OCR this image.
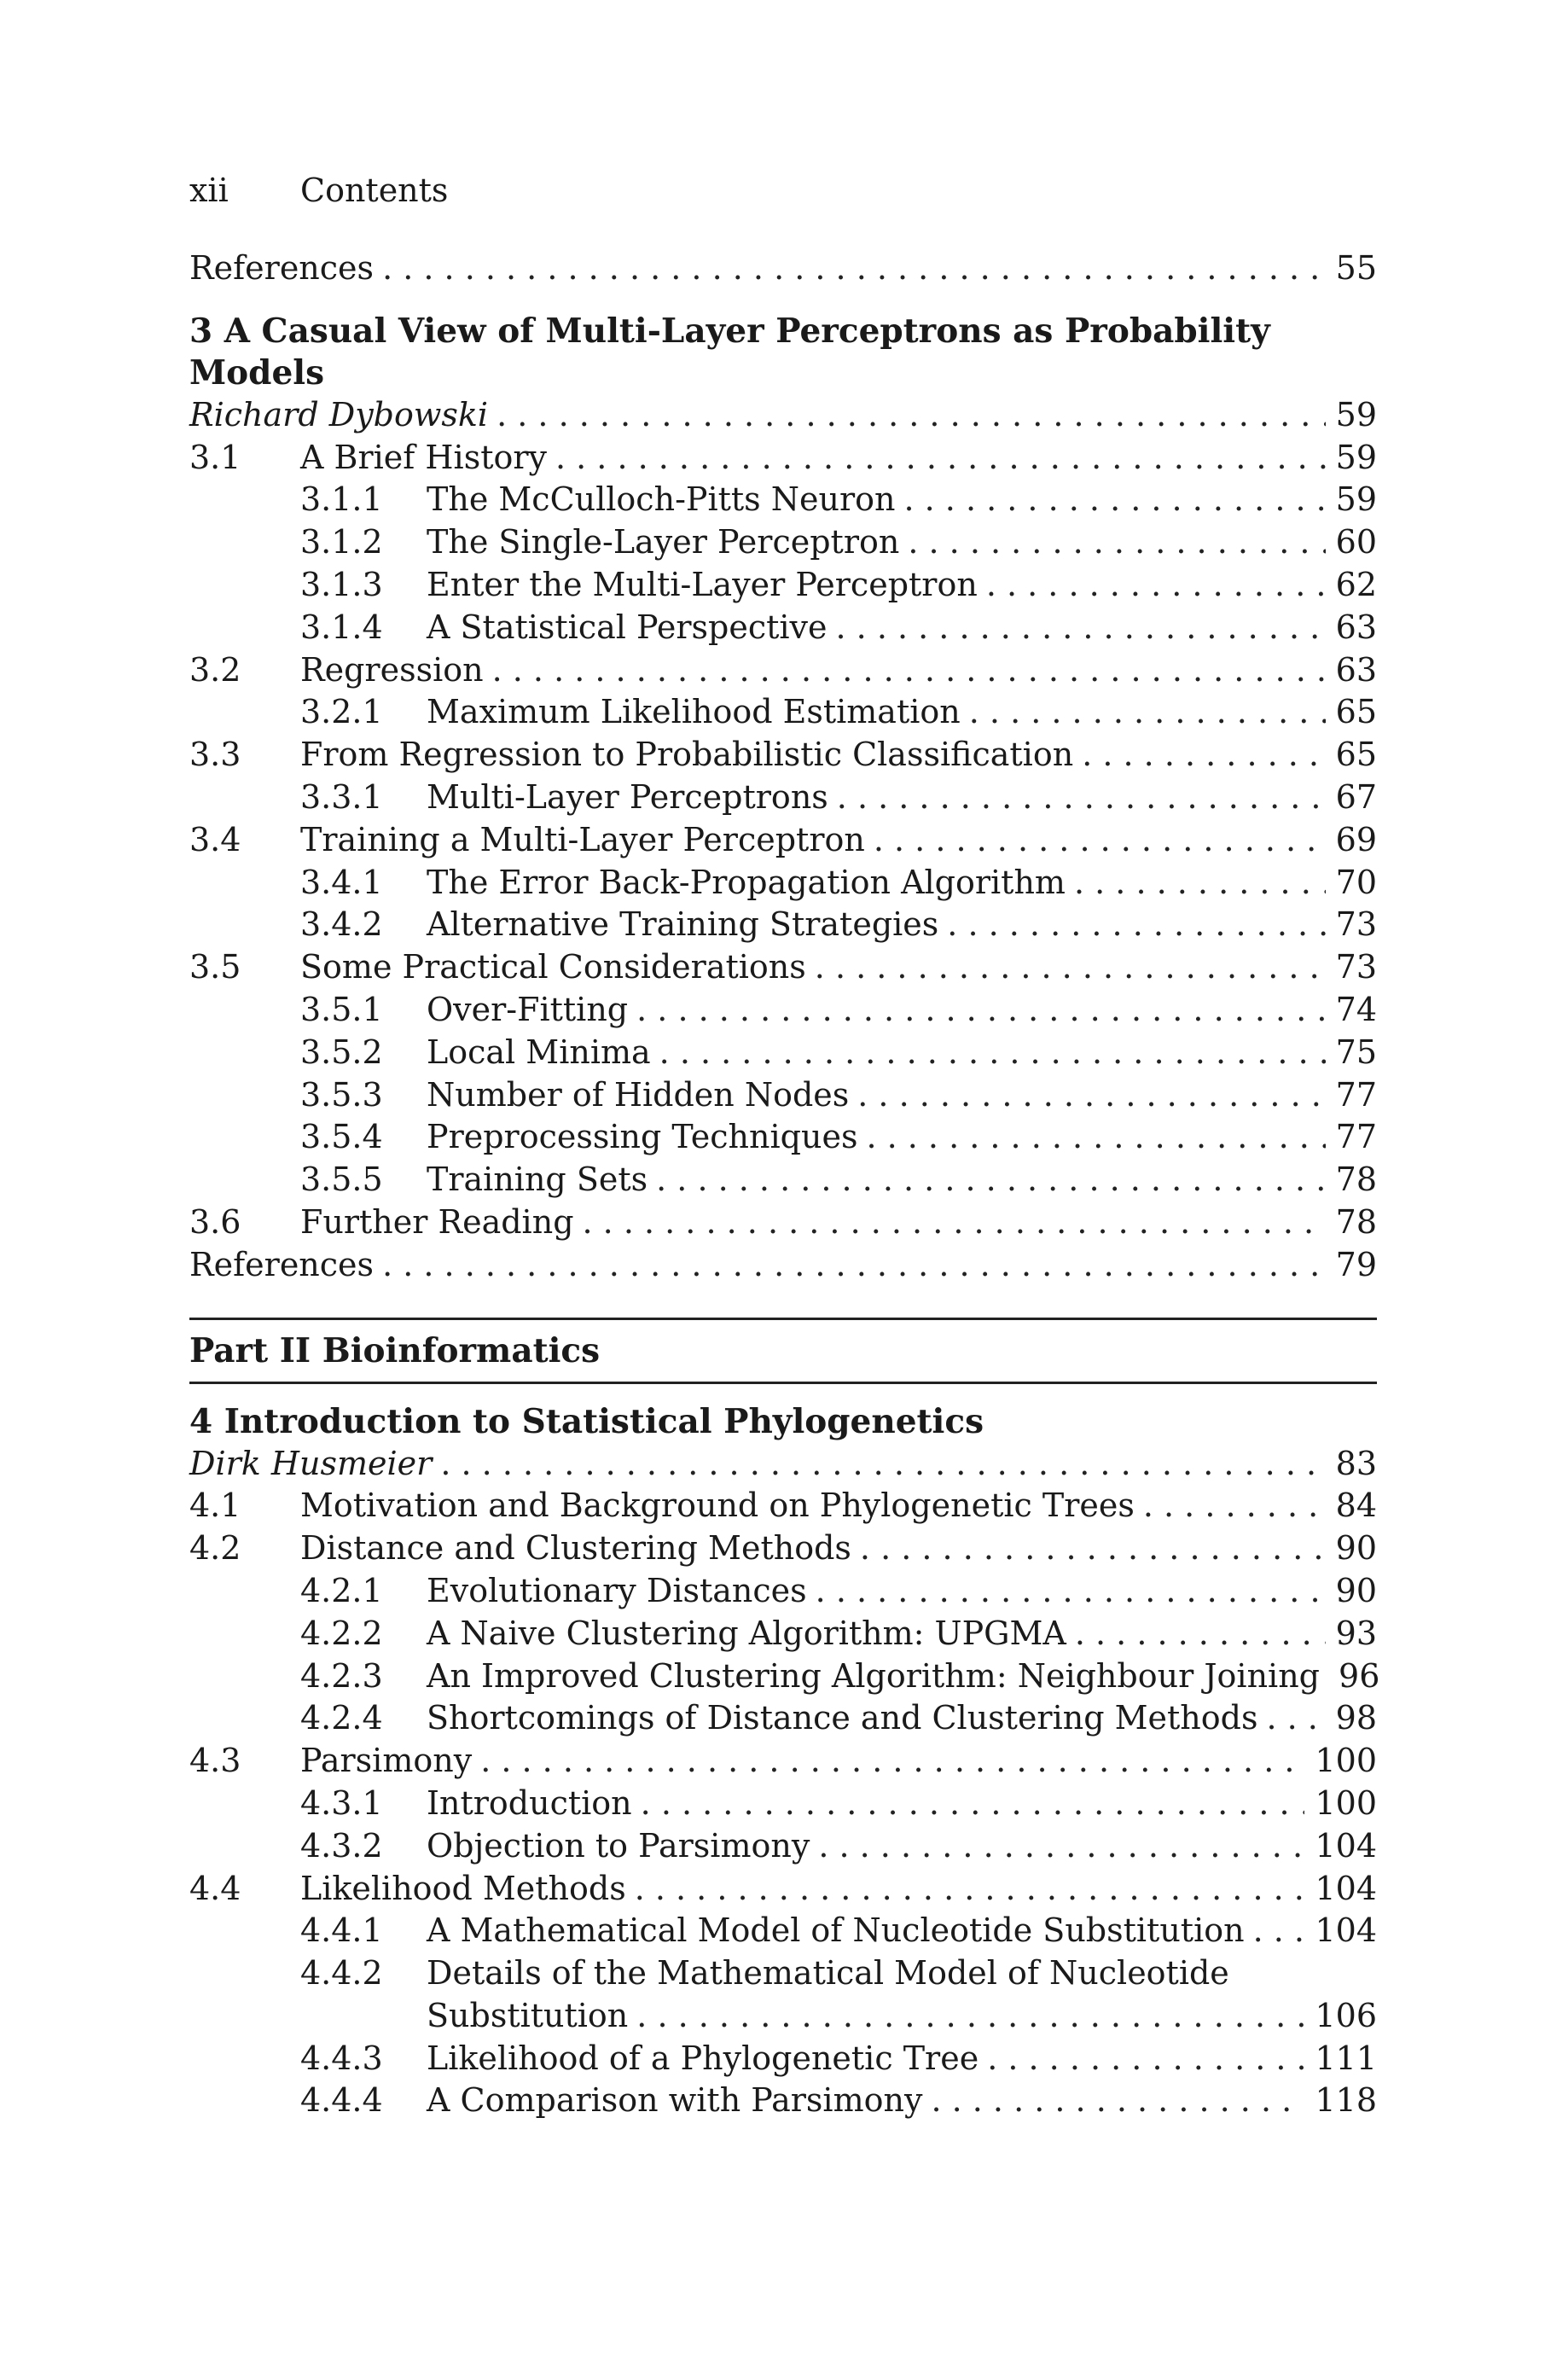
xii Contents
References . . .	55
3 A Casual View of Multi-Layer Perceptrons as Probability Models
Richard Dybowski . . .	59
3.1	A Brief History . . .	59
3.1.1	The McCulloch-Pitts Neuron . . .	59
3.1.2	The Single-Layer Perceptron . . .	60
3.1.3	Enter the Multi-Layer Perceptron . . .	62
3.1.4	A Statistical Perspective . . .	63
3.2	Regression . . .	63
3.2.1	Maximum Likelihood Estimation . . .	65
3.3	From Regression to Probabilistic Classification . . .	65
3.3.1	Multi-Layer Perceptrons . . .	67
3.4	Training a Multi-Layer Perceptron . . .	69
3.4.1	The Error Back-Propagation Algorithm . . .	70
3.4.2	Alternative Training Strategies . . .	73
3.5	Some Practical Considerations . . .	73
3.5.1	Over-Fitting . . .	74
3.5.2	Local Minima . . .	75
3.5.3	Number of Hidden Nodes . . .	77
3.5.4	Preprocessing Techniques . . .	77
3.5.5	Training Sets . . .	78
3.6	Further Reading . . .	78
References . . .	79
Part II Bioinformatics
4 Introduction to Statistical Phylogenetics
Dirk Husmeier . . .	83
4.1	Motivation and Background on Phylogenetic Trees . . .	84
4.2	Distance and Clustering Methods . . .	90
4.2.1	Evolutionary Distances . . .	90
4.2.2	A Naive Clustering Algorithm: UPGMA . . .	93
4.2.3	An Improved Clustering Algorithm: Neighbour Joining 96
4.2.4	Shortcomings of Distance and Clustering Methods . . . 98
4.3	Parsimony . . .	100
4.3.1	Introduction . . .	100
4.3.2	Objection to Parsimony . . .	104
4.4	Likelihood Methods . . .	104
4.4.1	A Mathematical Model of Nucleotide Substitution . . . 104
4.4.2	Details of the Mathematical Model of Nucleotide
Substitution . . .	106
4.4.3	Likelihood of a Phylogenetic Tree . . .	111
4.4.4	A Comparison with Parsimony . . .	118
